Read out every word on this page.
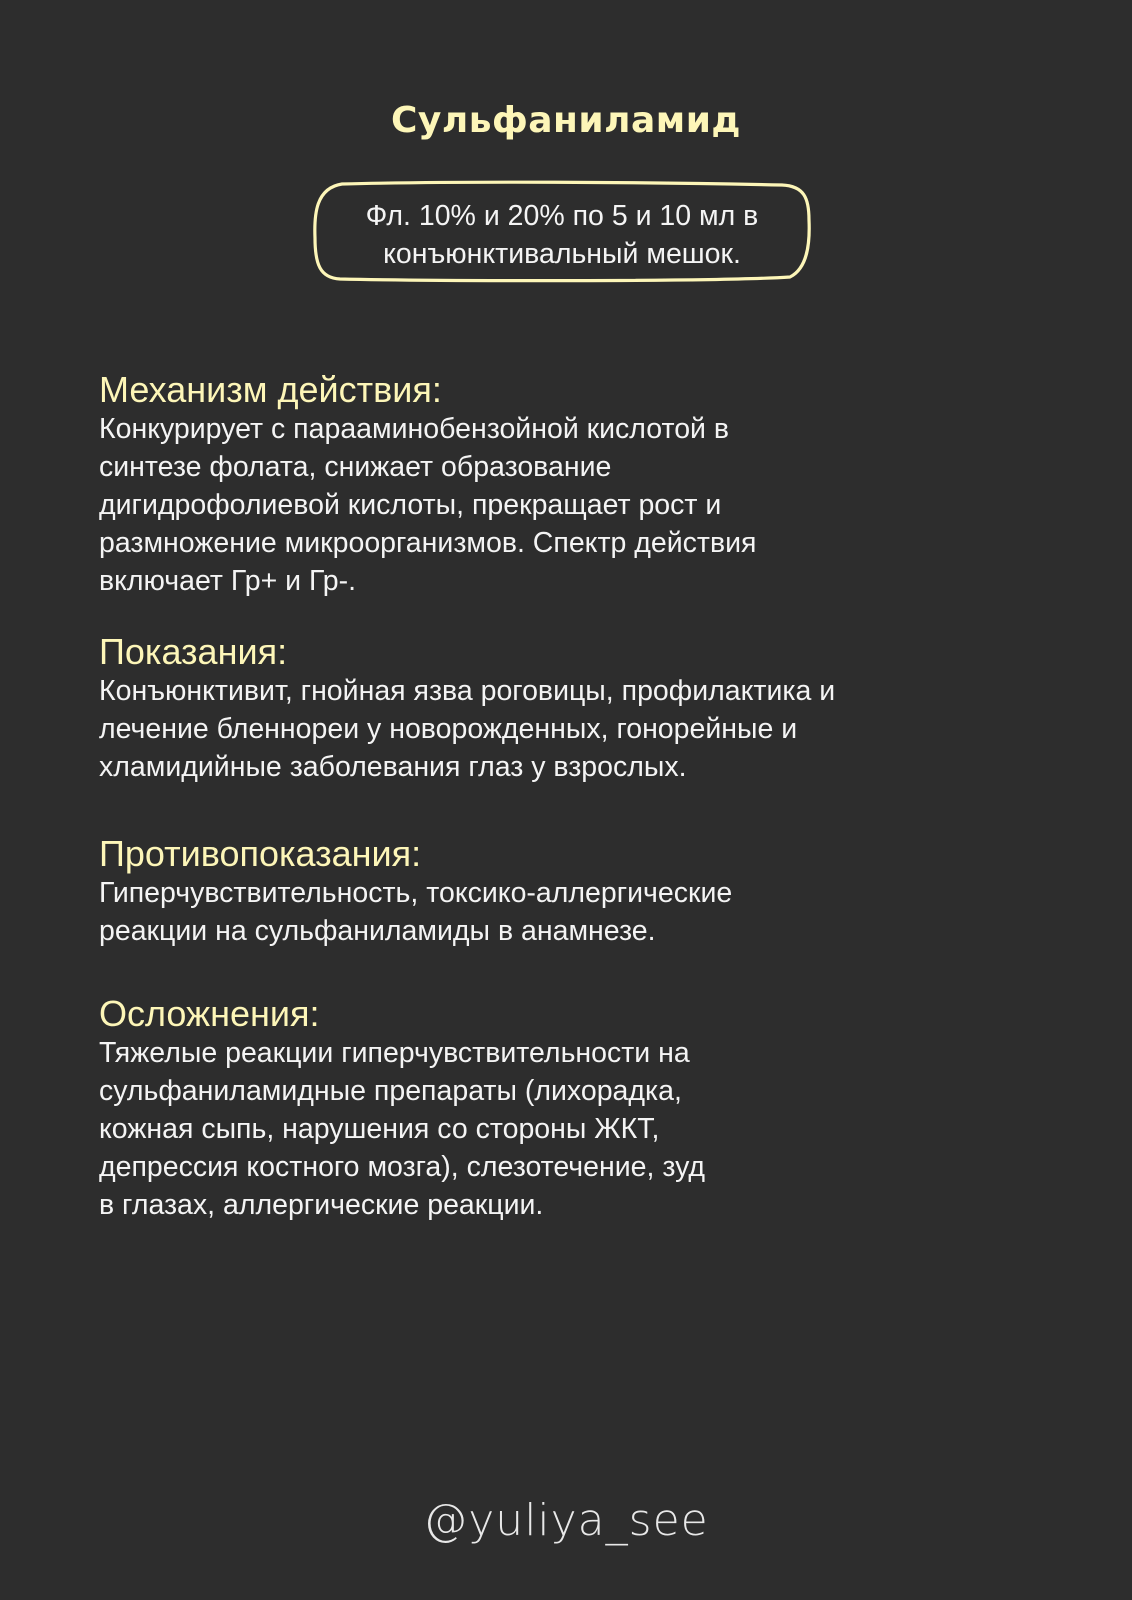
Сульфаниламид

Фл. 10% и 20% по 5 и 10 мл в
конъюнктивальный мешок.

Механизм действия:

Конкурирует с парааминобензойной кислотой в
синтезе фолата, снижает образование
дигидрофолиевой кислоты, прекращает рост и
размножение микроорганизмов. Спектр действия
включает Гр+ и Гр-.

Показания:

Конъюнктивит, гнойная язва роговицы, профилактика и
лечение бленнореи у новорожденных, гонорейные и
хламидийные заболевания глаз у взрослых.

Противопоказания:

Гиперчувствительность, токсико-аллергические
реакции на сульфаниламиды в анамнезе.

Осложнения:

Тяжелые реакции гиперчувствительности на
сульфаниламидные препараты (лихорадка,
кожная сыпь, нарушения со стороны ЖКТ,
депрессия костного мозга), слезотечение, зуд
в глазах, аллергические реакции.

@yuliya_see
